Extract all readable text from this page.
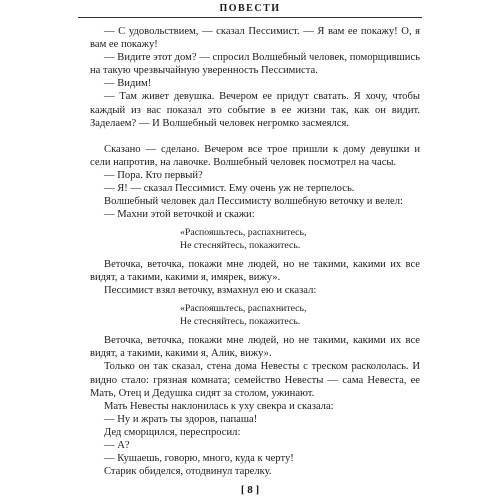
ПОВЕСТИ

— С удовольствием, — сказал Пессимист. — Я вам ее покажу! О, я вам ее покажу!

— Видите этот дом? — спросил Волшебный человек, поморщившись на такую чрезвычайную уверенность Пессимиста.

— Видим!

— Там живет девушка. Вечером ее придут сватать. Я хочу, чтобы каждый из вас показал это событие в ее жизни так, как он видит. Заделаем? — И Волшебный человек негромко засмеялся.

Сказано — сделано. Вечером все трое пришли к дому девушки и сели напротив, на лавочке. Волшебный человек посмотрел на часы.

— Пора. Кто первый?

— Я! — сказал Пессимист. Ему очень уж не терпелось.

Волшебный человек дал Пессимисту волшебную веточку и велел:

— Махни этой веточкой и скажи:

«Распояшьтесь, распахнитесь,
Не стесняйтесь, покажитесь.

Веточка, веточка, покажи мне людей, но не такими, какими их все видят, а такими, какими я, имярек, вижу».

Пессимист взял веточку, взмахнул ею и сказал:

«Распояшьтесь, распахнитесь,
Не стесняйтесь, покажитесь.

Веточка, веточка, покажи мне людей, но не такими, какими их все видят, а такими, какими я, Алик, вижу».

Только он так сказал, стена дома Невесты с треском раскололась. И видно стало: грязная комната; семейство Невесты — сама Невеста, ее Мать, Отец и Дедушка сидят за столом, ужинают.

Мать Невесты наклонилась к уху свекра и сказала:

— Ну и жрать ты здоров, папаша!

Дед сморщился, переспросил:

— А?

— Кушаешь, говорю, много, куда к черту!

Старик обиделся, отодвинул тарелку.

[ 8 ]
